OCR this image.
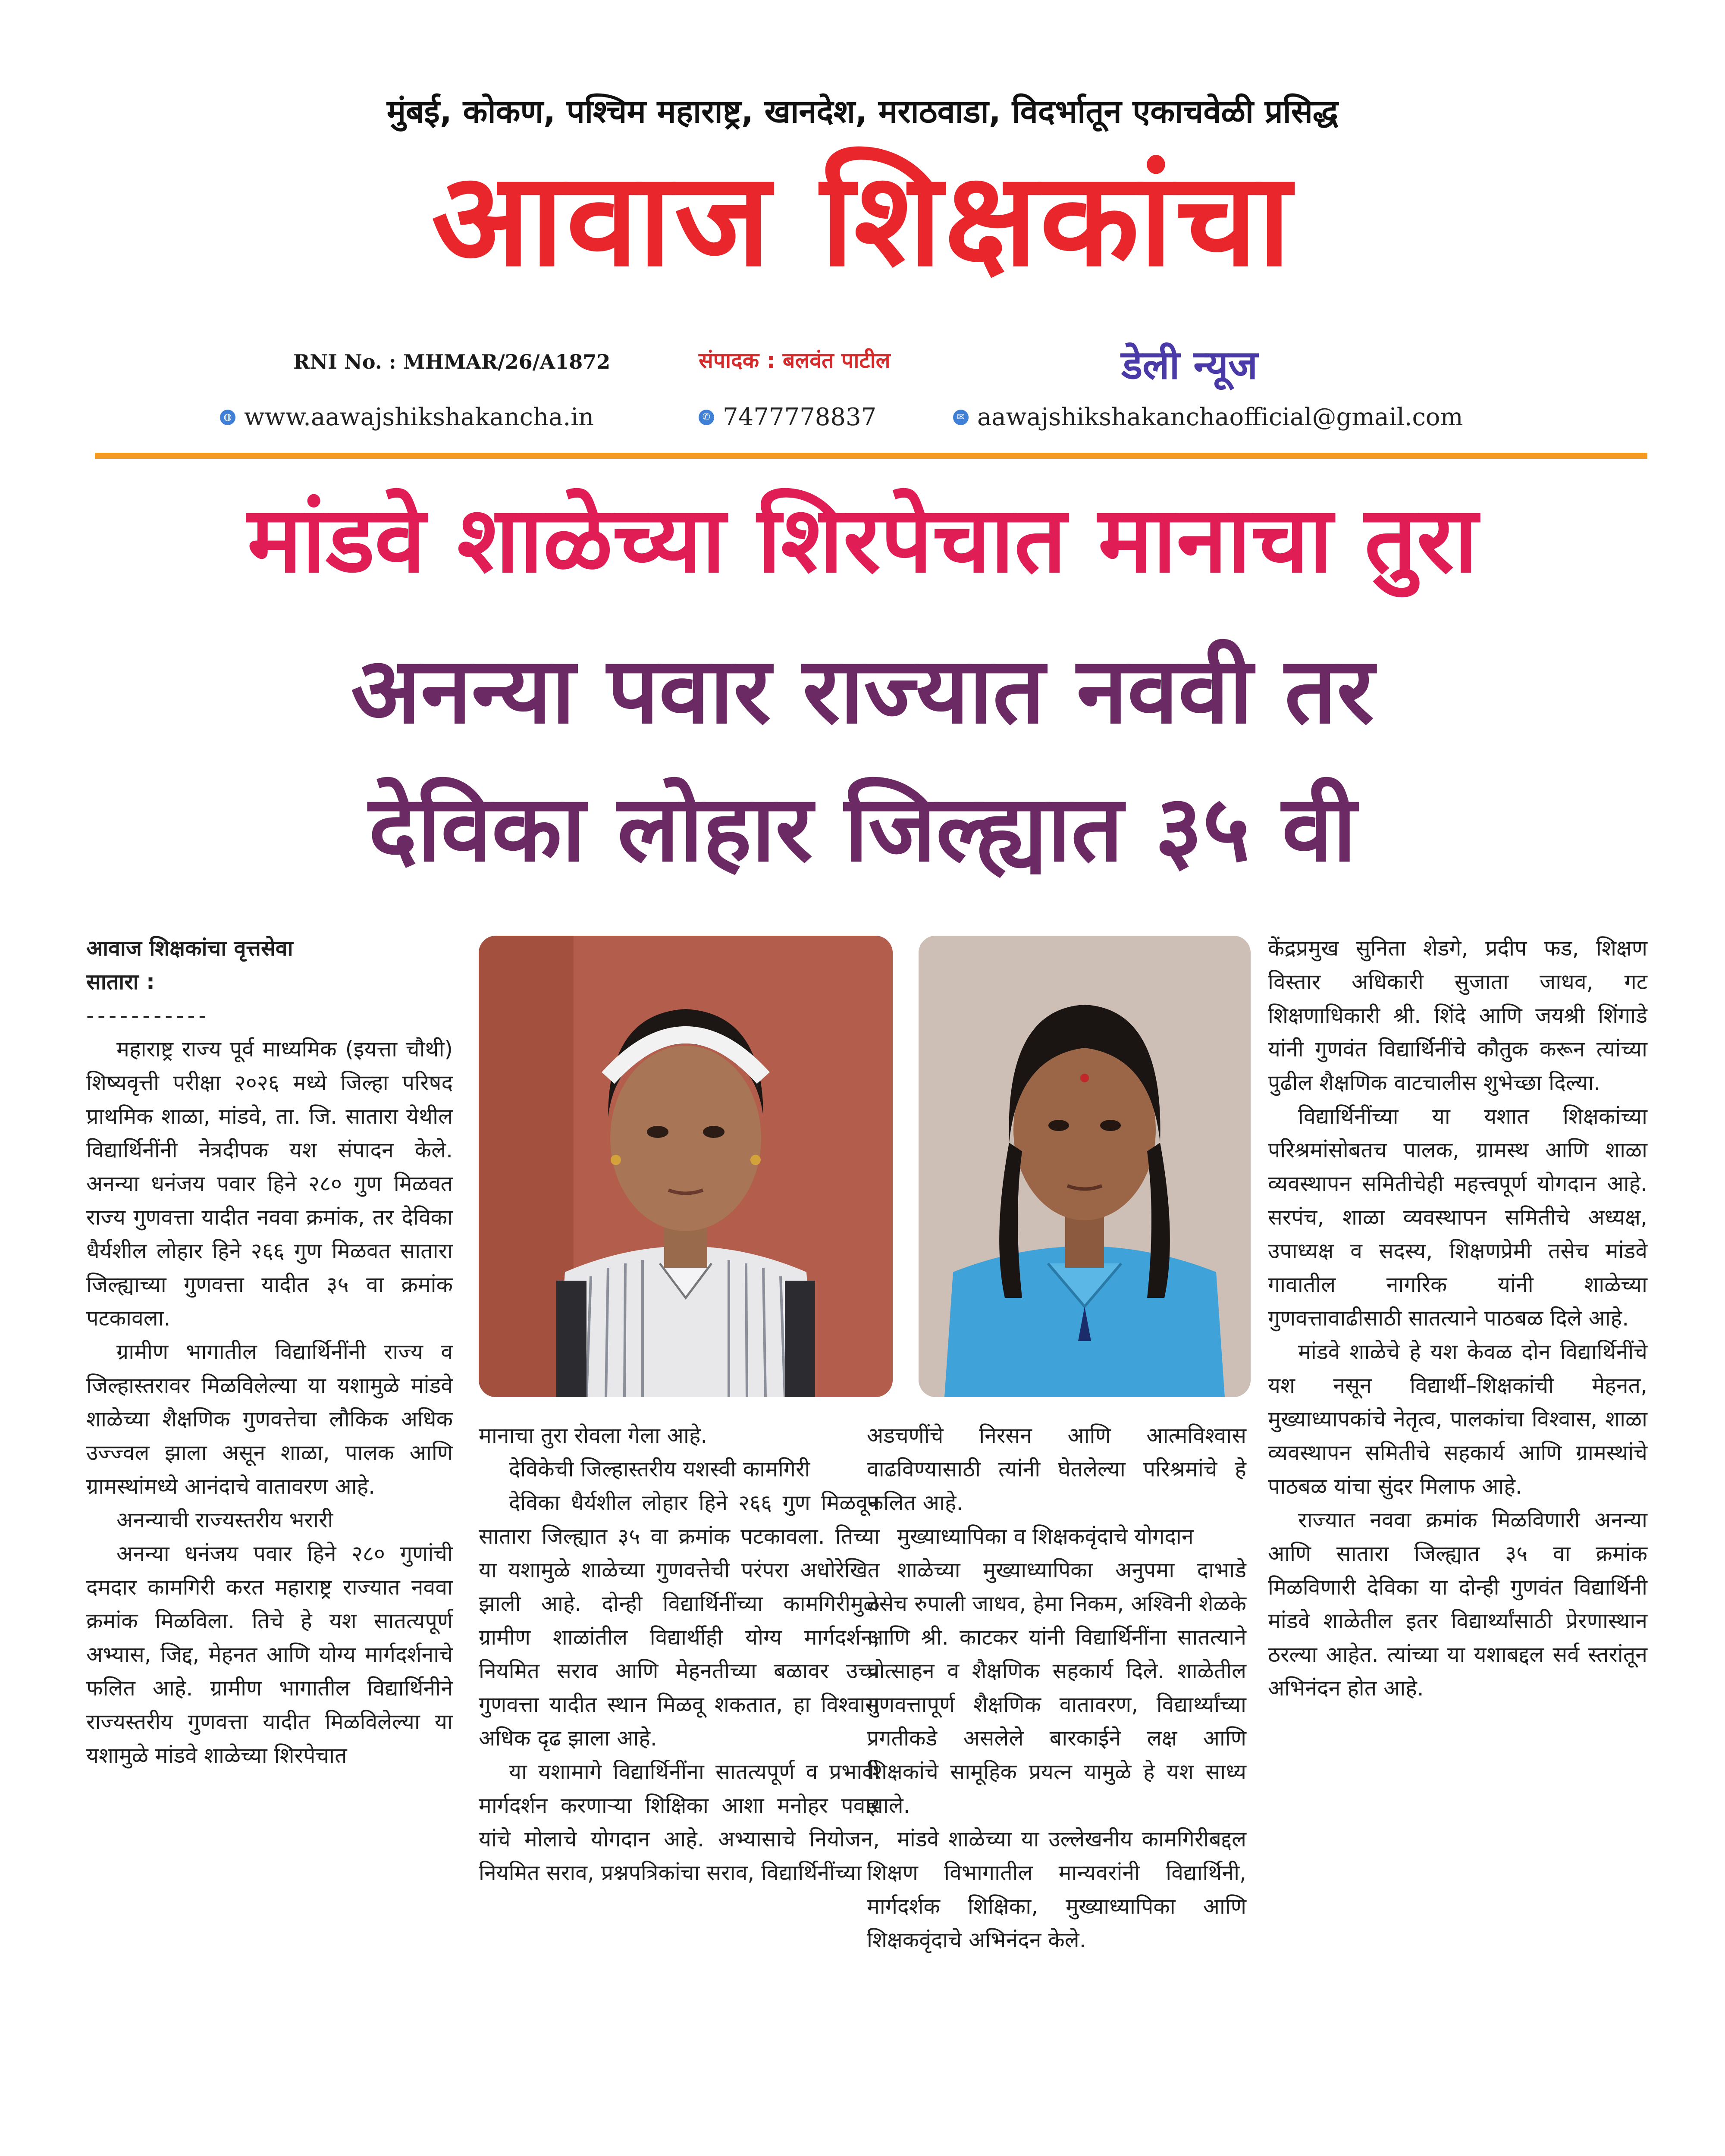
मुंबई, कोकण, पश्चिम महाराष्ट्र, खानदेश, मराठवाडा, विदर्भातून एकाचवेळी प्रसिद्ध
आवाज शिक्षकांचा
RNI No. : MHMAR/26/A1872	संपादक : बलवंत पाटील	डेली न्यूज
◍ www.aawajshikshakancha.in	✆ 7477778837	✉ aawajshikshakanchaofficial@gmail.com
मांडवे शाळेच्या शिरपेचात मानाचा तुरा
अनन्या पवार राज्यात नववी तर
देविका लोहार जिल्ह्यात ३५ वी

आवाज शिक्षकांचा वृत्तसेवा

सातारा :

-----------

महाराष्ट्र राज्य पूर्व माध्यमिक (इयत्ता चौथी) शिष्यवृत्ती परीक्षा २०२६ मध्ये जिल्हा परिषद प्राथमिक शाळा, मांडवे, ता. जि. सातारा येथील विद्यार्थिनींनी नेत्रदीपक यश संपादन केले. अनन्या धनंजय पवार हिने २८० गुण मिळवत राज्य गुणवत्ता यादीत नववा क्रमांक, तर देविका धैर्यशील लोहार हिने २६६ गुण मिळवत सातारा जिल्ह्याच्या गुणवत्ता यादीत ३५ वा क्रमांक पटकावला.

ग्रामीण भागातील विद्यार्थिनींनी राज्य व जिल्हास्तरावर मिळविलेल्या या यशामुळे मांडवे शाळेच्या शैक्षणिक गुणवत्तेचा लौकिक अधिक उज्ज्वल झाला असून शाळा, पालक आणि ग्रामस्थांमध्ये आनंदाचे वातावरण आहे.

अनन्याची राज्यस्तरीय भरारी

अनन्या धनंजय पवार हिने २८० गुणांची दमदार कामगिरी करत महाराष्ट्र राज्यात नववा क्रमांक मिळविला. तिचे हे यश सातत्यपूर्ण अभ्यास, जिद्द, मेहनत आणि योग्य मार्गदर्शनाचे फलित आहे. ग्रामीण भागातील विद्यार्थिनीने राज्यस्तरीय गुणवत्ता यादीत मिळविलेल्या या यशामुळे मांडवे शाळेच्या शिरपेचात

मानाचा तुरा रोवला गेला आहे.

देविकेची जिल्हास्तरीय यशस्वी कामगिरी

देविका धैर्यशील लोहार हिने २६६ गुण मिळवून सातारा जिल्ह्यात ३५ वा क्रमांक पटकावला. तिच्या या यशामुळे शाळेच्या गुणवत्तेची परंपरा अधोरेखित झाली आहे. दोन्ही विद्यार्थिनींच्या कामगिरीमुळे ग्रामीण शाळांतील विद्यार्थीही योग्य मार्गदर्शन, नियमित सराव आणि मेहनतीच्या बळावर उच्च गुणवत्ता यादीत स्थान मिळवू शकतात, हा विश्वास अधिक दृढ झाला आहे.

या यशामागे विद्यार्थिनींना सातत्यपूर्ण व प्रभावी मार्गदर्शन करणाऱ्या शिक्षिका आशा मनोहर पवार यांचे मोलाचे योगदान आहे. अभ्यासाचे नियोजन, नियमित सराव, प्रश्नपत्रिकांचा सराव, विद्यार्थिनींच्या

अडचणींचे निरसन आणि आत्मविश्वास वाढविण्यासाठी त्यांनी घेतलेल्या परिश्रमांचे हे फलित आहे.

मुख्याध्यापिका व शिक्षकवृंदाचे योगदान

शाळेच्या मुख्याध्यापिका अनुपमा दाभाडे तसेच रुपाली जाधव, हेमा निकम, अश्विनी शेळके आणि श्री. काटकर यांनी विद्यार्थिनींना सातत्याने प्रोत्साहन व शैक्षणिक सहकार्य दिले. शाळेतील गुणवत्तापूर्ण शैक्षणिक वातावरण, विद्यार्थ्यांच्या प्रगतीकडे असलेले बारकाईने लक्ष आणि शिक्षकांचे सामूहिक प्रयत्न यामुळे हे यश साध्य झाले.

मांडवे शाळेच्या या उल्लेखनीय कामगिरीबद्दल शिक्षण विभागातील मान्यवरांनी विद्यार्थिनी, मार्गदर्शक शिक्षिका, मुख्याध्यापिका आणि शिक्षकवृंदाचे अभिनंदन केले.

केंद्रप्रमुख सुनिता शेडगे, प्रदीप फड, शिक्षण विस्तार अधिकारी सुजाता जाधव, गट शिक्षणाधिकारी श्री. शिंदे आणि जयश्री शिंगाडे यांनी गुणवंत विद्यार्थिनींचे कौतुक करून त्यांच्या पुढील शैक्षणिक वाटचालीस शुभेच्छा दिल्या.

विद्यार्थिनींच्या या यशात शिक्षकांच्या परिश्रमांसोबतच पालक, ग्रामस्थ आणि शाळा व्यवस्थापन समितीचेही महत्त्वपूर्ण योगदान आहे. सरपंच, शाळा व्यवस्थापन समितीचे अध्यक्ष, उपाध्यक्ष व सदस्य, शिक्षणप्रेमी तसेच मांडवे गावातील नागरिक यांनी शाळेच्या गुणवत्तावाढीसाठी सातत्याने पाठबळ दिले आहे.

मांडवे शाळेचे हे यश केवळ दोन विद्यार्थिनींचे यश नसून विद्यार्थी–शिक्षकांची मेहनत, मुख्याध्यापकांचे नेतृत्व, पालकांचा विश्वास, शाळा व्यवस्थापन समितीचे सहकार्य आणि ग्रामस्थांचे पाठबळ यांचा सुंदर मिलाफ आहे.

राज्यात नववा क्रमांक मिळविणारी अनन्या आणि सातारा जिल्ह्यात ३५ वा क्रमांक मिळविणारी देविका या दोन्ही गुणवंत विद्यार्थिनी मांडवे शाळेतील इतर विद्यार्थ्यांसाठी प्रेरणास्थान ठरल्या आहेत. त्यांच्या या यशाबद्दल सर्व स्तरांतून अभिनंदन होत आहे.
